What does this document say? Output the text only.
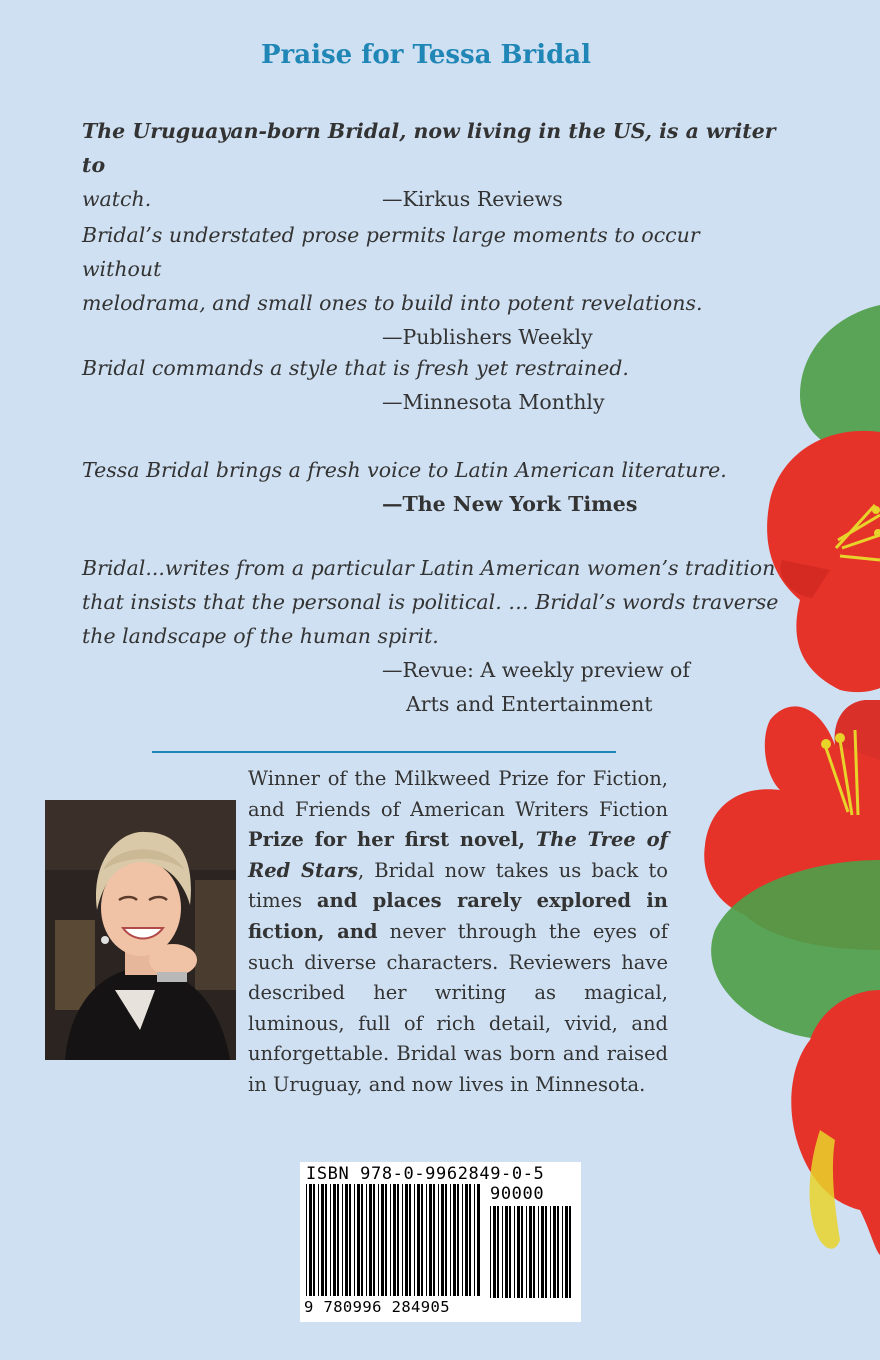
Praise for Tessa Bridal

The Uruguayan-born Bridal, now living in the US, is a writer to
watch.	—Kirkus Reviews

Bridal’s understated prose permits large moments to occur without
melodrama, and small ones to build into potent revelations.

—Publishers Weekly

Bridal commands a style that is fresh yet restrained.

—Minnesota Monthly

Tessa Bridal brings a fresh voice to Latin American literature.

—The New York Times

Bridal...writes from a particular Latin American women’s tradition
that insists that the personal is political. … Bridal’s words traverse
the landscape of the human spirit.

—Revue: A weekly preview of

Arts and Entertainment

Winner of the Milkweed Prize for Fiction, and Friends of American Writers Fiction Prize for her first novel, The Tree of Red Stars, Bridal now takes us back to times and places rarely explored in fiction, and never through the eyes of such diverse characters. Reviewers have described her writing as magical, luminous, full of rich detail, vivid, and unforgettable. Bridal was born and raised in Uruguay, and now lives in Minnesota.

ISBN 978-0-9962849-0-5

90000

9 780996 284905
